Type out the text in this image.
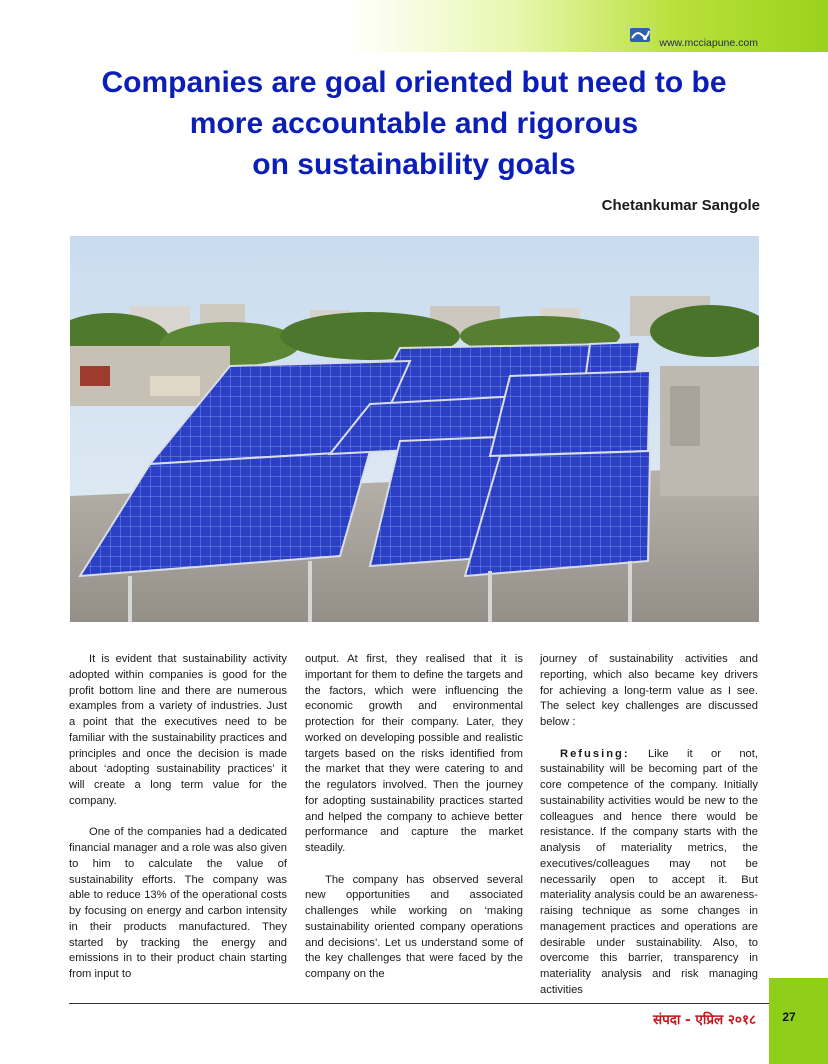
www.mcciapune.com
Companies are goal oriented but need to be
more accountable and rigorous
on sustainability goals
Chetankumar Sangole

It is evident that sustainability activity adopted within companies is good for the profit bottom line and there are numerous examples from a variety of industries. Just a point that the executives need to be familiar with the sustainability practices and principles and once the decision is made about ‘adopting sustainability practices’ it will create a long term value for the company.

One of the companies had a dedicated financial manager and a role was also given to him to calculate the value of sustainability efforts. The company was able to reduce 13% of the operational costs by focusing on energy and carbon intensity in their products manufactured. They started by tracking the energy and emissions in to their product chain starting from input to

output. At first, they realised that it is important for them to define the targets and the factors, which were influencing the economic growth and environmental protection for their company. Later, they worked on developing possible and realistic targets based on the risks identified from the market that they were catering to and the regulators involved. Then the journey for adopting sustainability practices started and helped the company to achieve better performance and capture the market steadily.

The company has observed several new opportunities and associated challenges while working on ‘making sustainability oriented company operations and decisions’. Let us understand some of the key challenges that were faced by the company on the

journey of sustainability activities and reporting, which also became key drivers for achieving a long-term value as I see. The select key challenges are discussed below :

Refusing: Like it or not, sustainability will be becoming part of the core competence of the company. Initially sustainability activities would be new to the colleagues and hence there would be resistance. If the company starts with the analysis of materiality metrics, the executives/colleagues may not be necessarily open to accept it. But materiality analysis could be an awareness-raising technique as some changes in management practices and operations are desirable under sustainability. Also, to overcome this barrier, transparency in materiality analysis and risk managing activities

संपदा - एप्रिल २०१८	27
